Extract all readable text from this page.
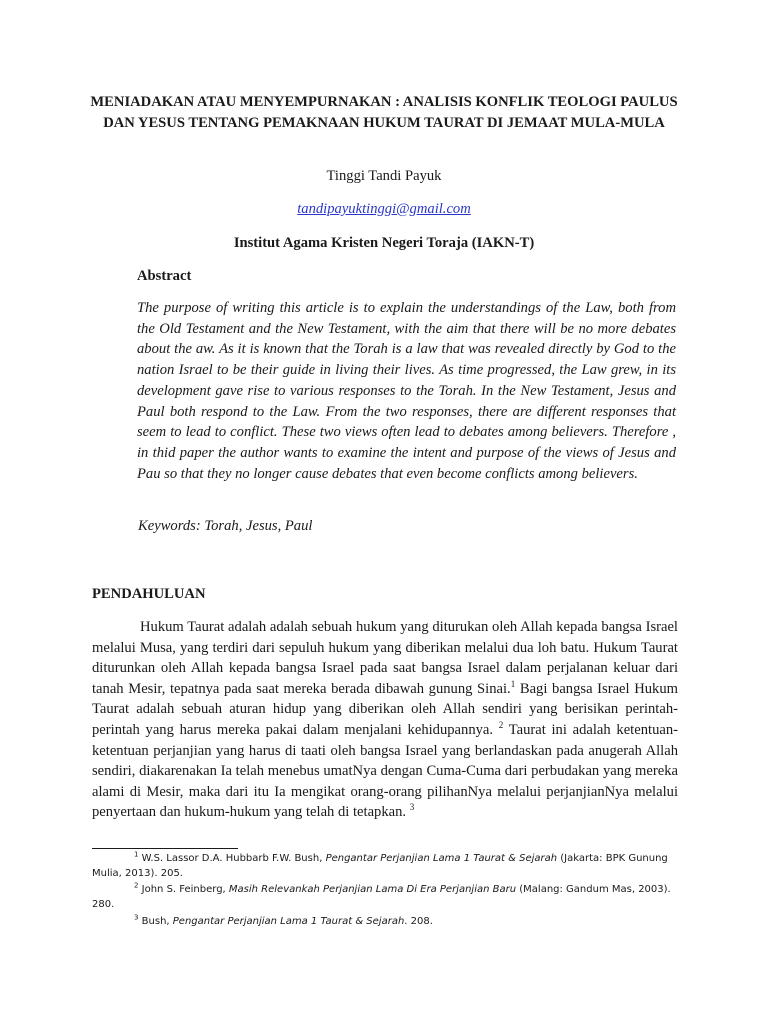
MENIADAKAN ATAU MENYEMPURNAKAN : ANALISIS KONFLIK TEOLOGI PAULUS DAN YESUS TENTANG PEMAKNAAN HUKUM TAURAT DI JEMAAT MULA-MULA
Tinggi Tandi Payuk
tandipayuktinggi@gmail.com
Institut Agama Kristen Negeri Toraja (IAKN-T)
Abstract

The purpose of writing this article is to explain the understandings of the Law, both from the Old Testament and the New Testament, with the aim that there will be no more debates about the aw. As it is known that the Torah is a law that was revealed directly by God to the nation Israel to be their guide in living their lives. As time progressed, the Law grew, in its development gave rise to various responses to the Torah. In the New Testament, Jesus and Paul both respond to the Law. From the two responses, there are different responses that seem to lead to conflict. These two views often lead to debates among believers. Therefore , in thid paper the author wants to examine the intent and purpose of the views of Jesus and Pau so that they no longer cause debates that even become conflicts among believers.

Keywords: Torah, Jesus, Paul
PENDAHULUAN

Hukum Taurat adalah adalah sebuah hukum yang diturukan oleh Allah kepada bangsa Israel melalui Musa, yang terdiri dari sepuluh hukum yang diberikan melalui dua loh batu. Hukum Taurat diturunkan oleh Allah kepada bangsa Israel pada saat bangsa Israel dalam perjalanan keluar dari tanah Mesir, tepatnya pada saat mereka berada dibawah gunung Sinai.$^1$ Bagi bangsa Israel Hukum Taurat adalah sebuah aturan hidup yang diberikan oleh Allah sendiri yang berisikan perintah-perintah yang harus mereka pakai dalam menjalani kehidupannya. $^2$ Taurat ini adalah ketentuan-ketentuan perjanjian yang harus di taati oleh bangsa Israel yang berlandaskan pada anugerah Allah sendiri, diakarenakan Ia telah menebus umatNya dengan Cuma-Cuma dari perbudakan yang mereka alami di Mesir, maka dari itu Ia mengikat orang-orang pilihanNya melalui perjanjianNya melalui penyertaan dan hukum-hukum yang telah di tetapkan. $^3$

$^1$ W.S. Lassor D.A. Hubbarb F.W. Bush, Pengantar Perjanjian Lama 1 Taurat & Sejarah (Jakarta: BPK Gunung Mulia, 2013). 205.

$^2$ John S. Feinberg, Masih Relevankah Perjanjian Lama Di Era Perjanjian Baru (Malang: Gandum Mas, 2003). 280.

$^3$ Bush, Pengantar Perjanjian Lama 1 Taurat & Sejarah. 208.
